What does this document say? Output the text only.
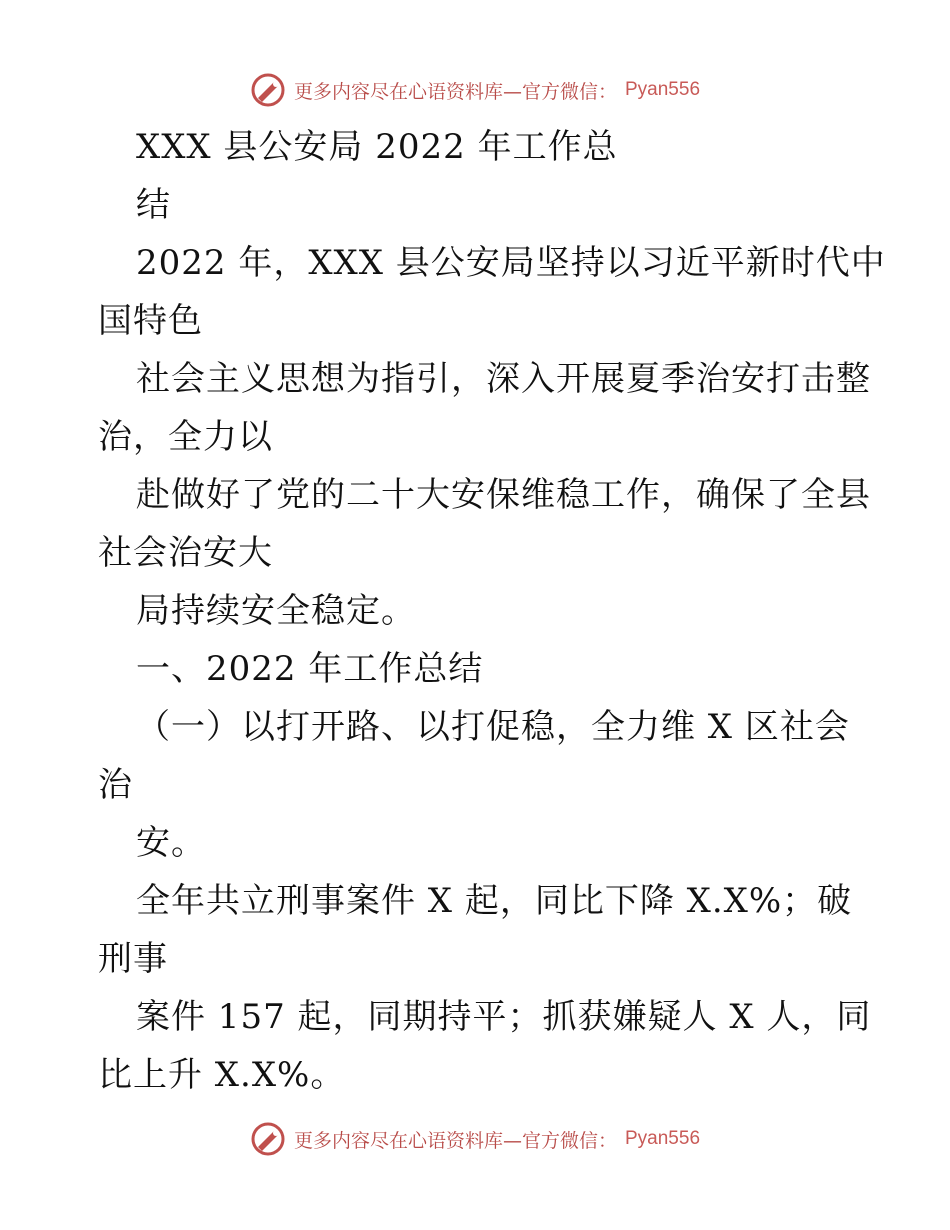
更多内容尽在心语资料库—官方微信： Pyan556
XXX 县公安局 2022 年工作总
结
2022 年，XXX 县公安局坚持以习近平新时代中
国特色
社会主义思想为指引，深入开展夏季治安打击整
治，全力以
赴做好了党的二十大安保维稳工作，确保了全县
社会治安大
局持续安全稳定。
一、2022 年工作总结
（一）以打开路、以打促稳，全力维 X 区社会
治
安。
全年共立刑事案件 X 起，同比下降 X.X%；破
刑事
案件 157 起，同期持平；抓获嫌疑人 X 人，同
比上升 X.X%。
更多内容尽在心语资料库—官方微信： Pyan556
